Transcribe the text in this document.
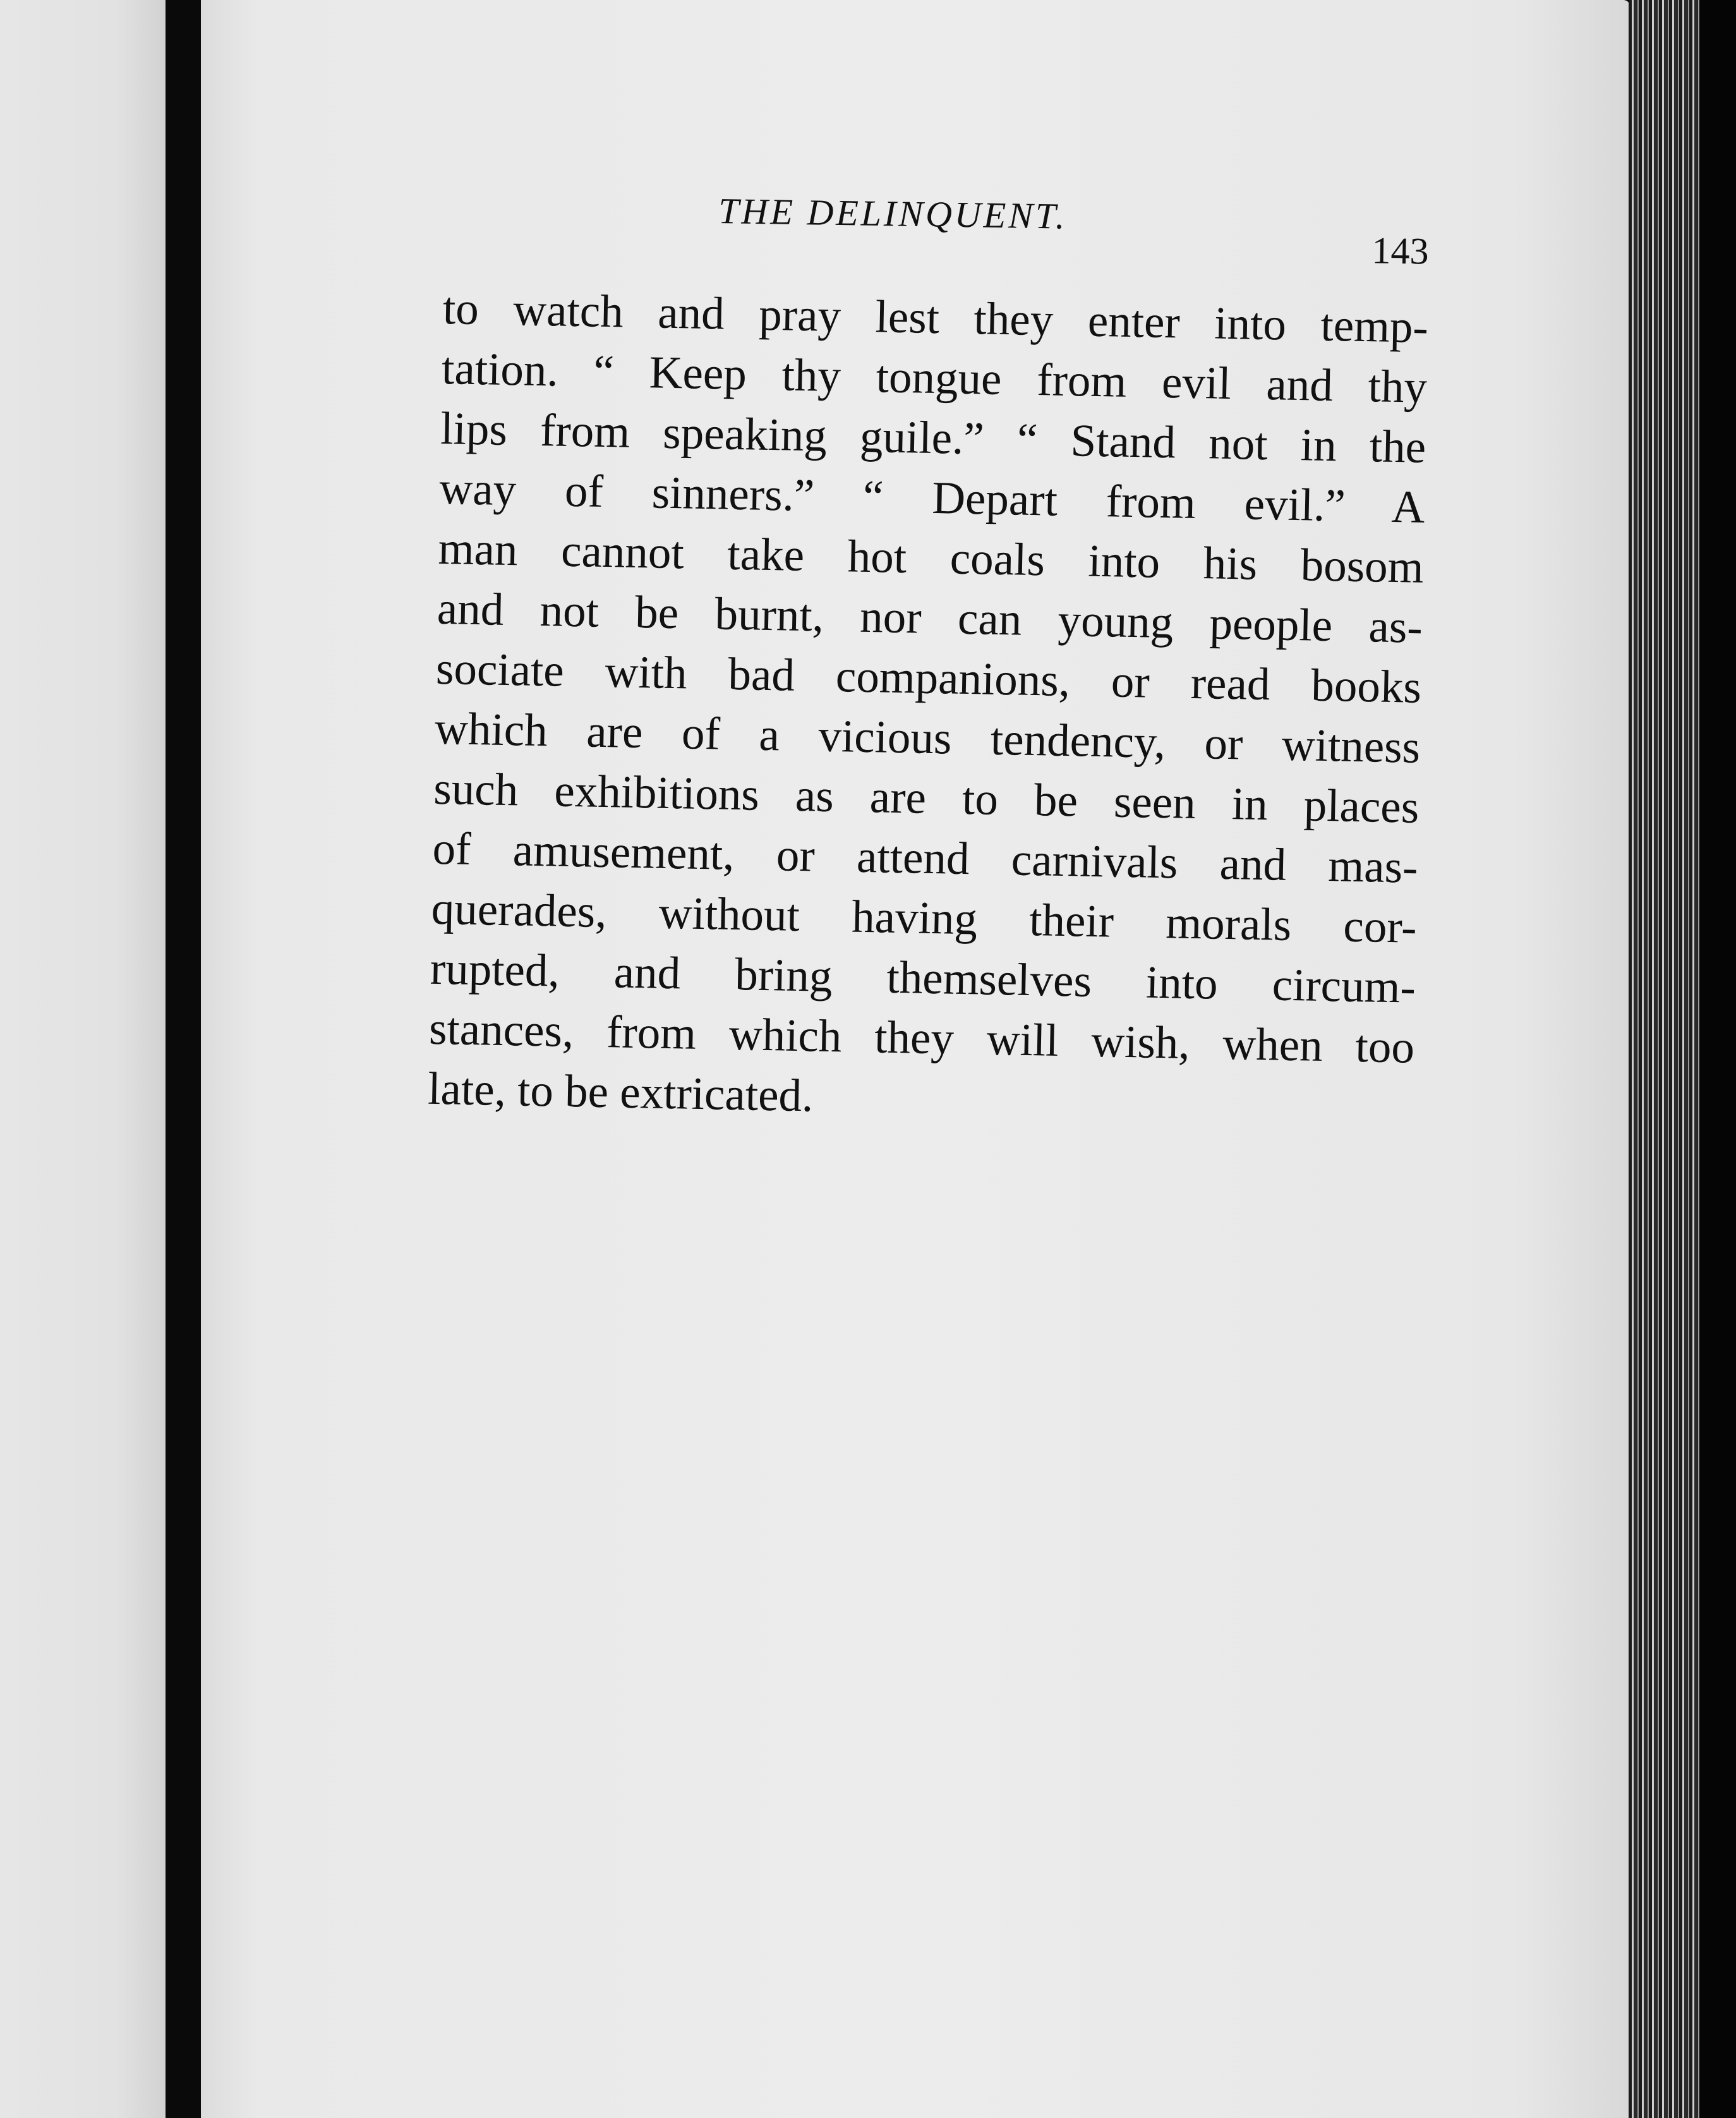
THE DELINQUENT.
143
to watch and pray lest they enter into temp-
tation. “ Keep thy tongue from evil and thy
lips from speaking guile.” “ Stand not in the
way of sinners.” “ Depart from evil.” A
man cannot take hot coals into his bosom
and not be burnt, nor can young people as-
sociate with bad companions, or read books
which are of a vicious tendency, or witness
such exhibitions as are to be seen in places
of amusement, or attend carnivals and mas-
querades, without having their morals cor-
rupted, and bring themselves into circum-
stances, from which they will wish, when too
late, to be extricated.
